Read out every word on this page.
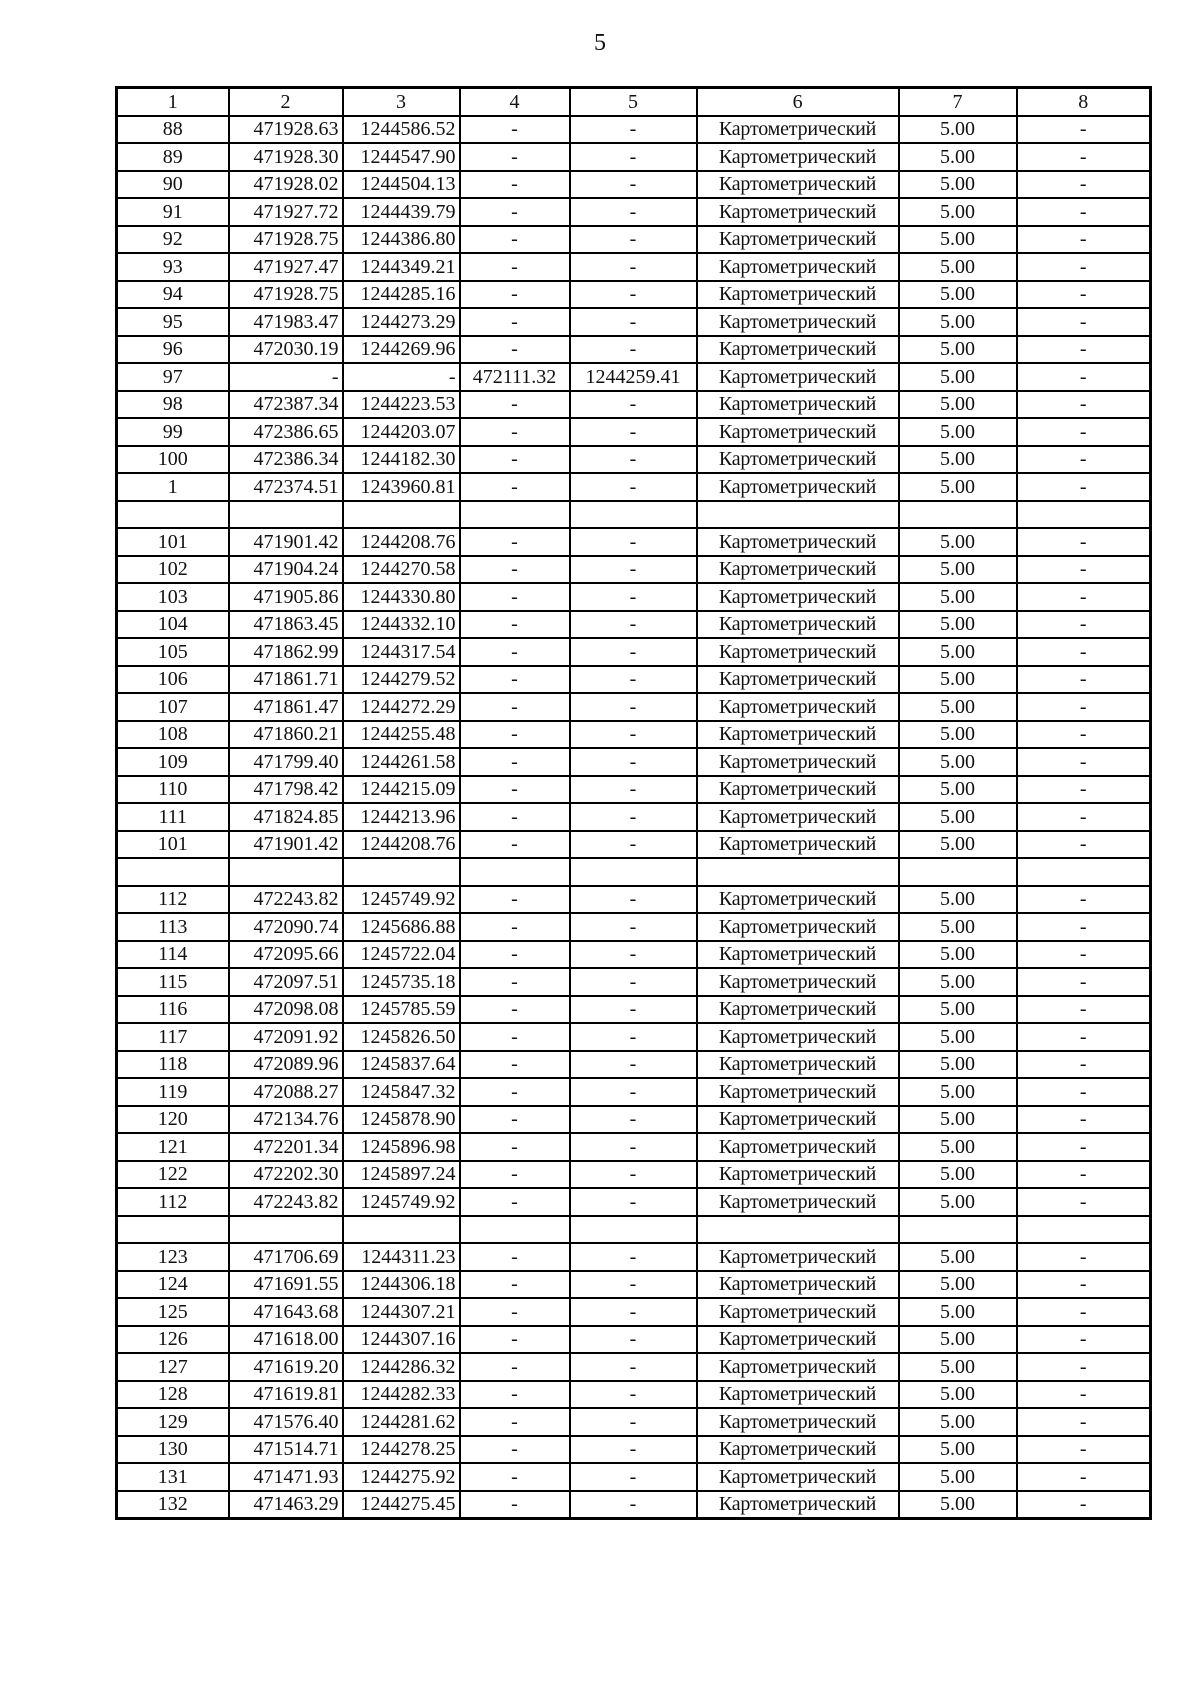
5
1	2	3	4	5	6	7	8
88	471928.63	1244586.52	-	-	Картометрический	5.00	-
89	471928.30	1244547.90	-	-	Картометрический	5.00	-
90	471928.02	1244504.13	-	-	Картометрический	5.00	-
91	471927.72	1244439.79	-	-	Картометрический	5.00	-
92	471928.75	1244386.80	-	-	Картометрический	5.00	-
93	471927.47	1244349.21	-	-	Картометрический	5.00	-
94	471928.75	1244285.16	-	-	Картометрический	5.00	-
95	471983.47	1244273.29	-	-	Картометрический	5.00	-
96	472030.19	1244269.96	-	-	Картометрический	5.00	-
97	-	-	472111.32	1244259.41	Картометрический	5.00	-
98	472387.34	1244223.53	-	-	Картометрический	5.00	-
99	472386.65	1244203.07	-	-	Картометрический	5.00	-
100	472386.34	1244182.30	-	-	Картометрический	5.00	-
1	472374.51	1243960.81	-	-	Картометрический	5.00	-

101	471901.42	1244208.76	-	-	Картометрический	5.00	-
102	471904.24	1244270.58	-	-	Картометрический	5.00	-
103	471905.86	1244330.80	-	-	Картометрический	5.00	-
104	471863.45	1244332.10	-	-	Картометрический	5.00	-
105	471862.99	1244317.54	-	-	Картометрический	5.00	-
106	471861.71	1244279.52	-	-	Картометрический	5.00	-
107	471861.47	1244272.29	-	-	Картометрический	5.00	-
108	471860.21	1244255.48	-	-	Картометрический	5.00	-
109	471799.40	1244261.58	-	-	Картометрический	5.00	-
110	471798.42	1244215.09	-	-	Картометрический	5.00	-
111	471824.85	1244213.96	-	-	Картометрический	5.00	-
101	471901.42	1244208.76	-	-	Картометрический	5.00	-

112	472243.82	1245749.92	-	-	Картометрический	5.00	-
113	472090.74	1245686.88	-	-	Картометрический	5.00	-
114	472095.66	1245722.04	-	-	Картометрический	5.00	-
115	472097.51	1245735.18	-	-	Картометрический	5.00	-
116	472098.08	1245785.59	-	-	Картометрический	5.00	-
117	472091.92	1245826.50	-	-	Картометрический	5.00	-
118	472089.96	1245837.64	-	-	Картометрический	5.00	-
119	472088.27	1245847.32	-	-	Картометрический	5.00	-
120	472134.76	1245878.90	-	-	Картометрический	5.00	-
121	472201.34	1245896.98	-	-	Картометрический	5.00	-
122	472202.30	1245897.24	-	-	Картометрический	5.00	-
112	472243.82	1245749.92	-	-	Картометрический	5.00	-

123	471706.69	1244311.23	-	-	Картометрический	5.00	-
124	471691.55	1244306.18	-	-	Картометрический	5.00	-
125	471643.68	1244307.21	-	-	Картометрический	5.00	-
126	471618.00	1244307.16	-	-	Картометрический	5.00	-
127	471619.20	1244286.32	-	-	Картометрический	5.00	-
128	471619.81	1244282.33	-	-	Картометрический	5.00	-
129	471576.40	1244281.62	-	-	Картометрический	5.00	-
130	471514.71	1244278.25	-	-	Картометрический	5.00	-
131	471471.93	1244275.92	-	-	Картометрический	5.00	-
132	471463.29	1244275.45	-	-	Картометрический	5.00	-
